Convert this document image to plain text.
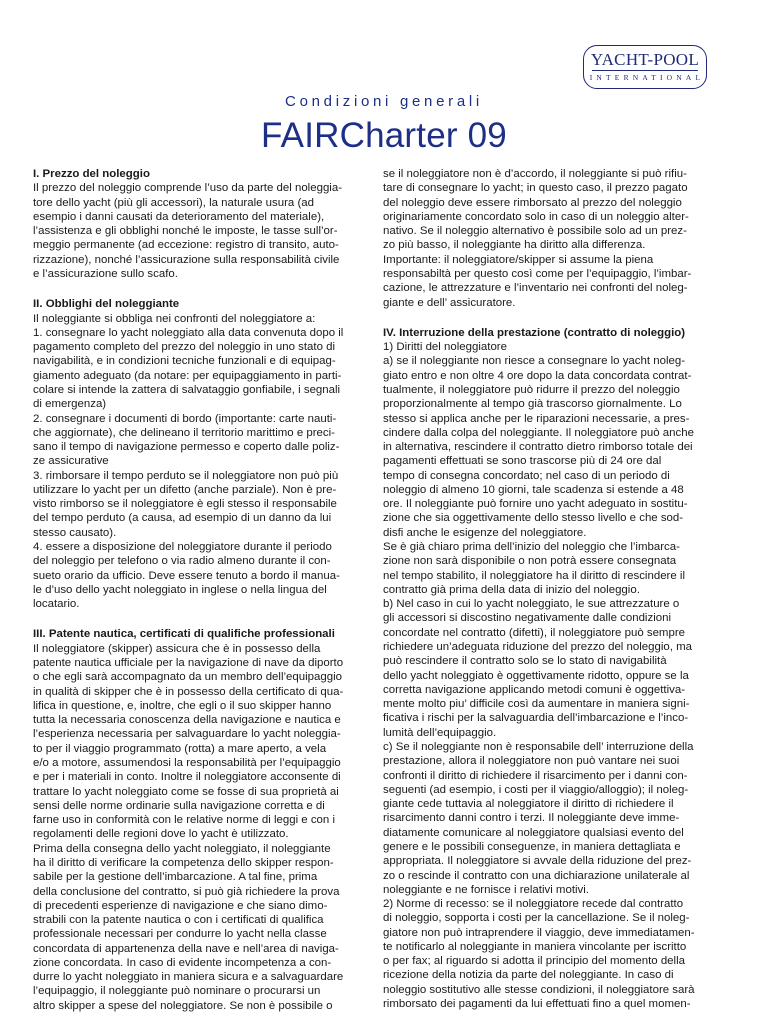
YACHT-POOL
INTERNATIONAL
Condizioni generali
FAIRCharter 09
I. Prezzo del noleggio
Il prezzo del noleggio comprende l’uso da parte del noleggia-
tore dello yacht (più gli accessori), la naturale usura (ad
esempio i danni causati da deterioramento del materiale),
l’assistenza e gli obblighi nonché le imposte, le tasse sull’or-
meggio permanente (ad eccezione: registro di transito, auto-
rizzazione), nonché l’assicurazione sulla responsabilità civile
e l’assicurazione sullo scafo.
II. Obblighi del noleggiante
Il noleggiante si obbliga nei confronti del noleggiatore a:
1. consegnare lo yacht noleggiato alla data convenuta dopo il
pagamento completo del prezzo del noleggio in uno stato di
navigabilità, e in condizioni tecniche funzionali e di equipag-
giamento adeguato (da notare: per equipaggiamento in parti-
colare si intende la zattera di salvataggio gonfiabile, i segnali
di emergenza)
2. consegnare i documenti di bordo (importante: carte nauti-
che aggiornate), che delineano il territorio marittimo e preci-
sano il tempo di navigazione permesso e coperto dalle poliz-
ze assicurative
3. rimborsare il tempo perduto se il noleggiatore non può più
utilizzare lo yacht per un difetto (anche parziale). Non è pre-
visto rimborso se il noleggiatore è egli stesso il responsabile
del tempo perduto (a causa, ad esempio di un danno da lui
stesso causato).
4. essere a disposizione del noleggiatore durante il periodo
del noleggio per telefono o via radio almeno durante il con-
sueto orario da ufficio. Deve essere tenuto a bordo il manua-
le d’uso dello yacht noleggiato in inglese o nella lingua del
locatario.
III. Patente nautica, certificati di qualifiche professionali
Il noleggiatore (skipper) assicura che è in possesso della
patente nautica ufficiale per la navigazione di nave da diporto
o che egli sarà accompagnato da un membro dell’equipaggio
in qualità di skipper che è in possesso della certificato di qua-
lifica in questione, e, inoltre, che egli o il suo skipper hanno
tutta la necessaria conoscenza della navigazione e nautica e
l’esperienza necessaria per salvaguardare lo yacht noleggia-
to per il viaggio programmato (rotta) a mare aperto, a vela
e/o a motore, assumendosi la responsabilità per l’equipaggio
e per i materiali in conto. Inoltre il noleggiatore acconsente di
trattare lo yacht noleggiato come se fosse di sua proprietà ai
sensi delle norme ordinarie sulla navigazione corretta e di
farne uso in conformità con le relative norme di leggi e con i
regolamenti delle regioni dove lo yacht è utilizzato.
Prima della consegna dello yacht noleggiato, il noleggiante
ha il diritto di verificare la competenza dello skipper respon-
sabile per la gestione dell’imbarcazione. A tal fine, prima
della conclusione del contratto, si può già richiedere la prova
di precedenti esperienze di navigazione e che siano dimo-
strabili con la patente nautica o con i certificati di qualifica
professionale necessari per condurre lo yacht nella classe
concordata di appartenenza della nave e nell’area di naviga-
zione concordata. In caso di evidente incompetenza a con-
durre lo yacht noleggiato in maniera sicura e a salvaguardare
l’equipaggio, il noleggiante può nominare o procurarsi un
altro skipper a spese del noleggiatore. Se non è possibile o
se il noleggiatore non è d’accordo, il noleggiante si può rifiu-
tare di consegnare lo yacht; in questo caso, il prezzo pagato
del noleggio deve essere rimborsato al prezzo del noleggio
originariamente concordato solo in caso di un noleggio alter-
nativo. Se il noleggio alternativo è possibile solo ad un prez-
zo più basso, il noleggiante ha diritto alla differenza.
Importante: il noleggiatore/skipper si assume la piena
responsabiltà per questo così come per l’equipaggio, l’imbar-
cazione, le attrezzature e l’inventario nei confronti del noleg-
giante e dell’ assicuratore.
IV. Interruzione della prestazione (contratto di noleggio)
1) Diritti del noleggiatore
a) se il noleggiante non riesce a consegnare lo yacht noleg-
giato entro e non oltre 4 ore dopo la data concordata contrat-
tualmente, il noleggiatore può ridurre il prezzo del noleggio
proporzionalmente al tempo già trascorso giornalmente. Lo
stesso si applica anche per le riparazioni necessarie, a pres-
cindere dalla colpa del noleggiante. Il noleggiatore può anche
in alternativa, rescindere il contratto dietro rimborso totale dei
pagamenti effettuati se sono trascorse più di 24 ore dal
tempo di consegna concordato; nel caso di un periodo di
noleggio di almeno 10 giorni, tale scadenza si estende a 48
ore. Il noleggiante può fornire uno yacht adeguato in sostitu-
zione che sia oggettivamente dello stesso livello e che sod-
disfi anche le esigenze del noleggiatore.
Se è già chiaro prima dell’inizio del noleggio che l’imbarca-
zione non sarà disponibile o non potrà essere consegnata
nel tempo stabilito, il noleggiatore ha il diritto di rescindere il
contratto già prima della data di inizio del noleggio.
b) Nel caso in cui lo yacht noleggiato, le sue attrezzature o
gli accessori si discostino negativamente dalle condizioni
concordate nel contratto (difetti), il noleggiatore può sempre
richiedere un’adeguata riduzione del prezzo del noleggio, ma
può rescindere il contratto solo se lo stato di navigabilità
dello yacht noleggiato è oggettivamente ridotto, oppure se la
corretta navigazione applicando metodi comuni è oggettiva-
mente molto piu’ difficile così da aumentare in maniera signi-
ficativa i rischi per la salvaguardia dell’imbarcazione e l’inco-
lumità dell’equipaggio.
c) Se il noleggiante non è responsabile dell’ interruzione della
prestazione, allora il noleggiatore non può vantare nei suoi
confronti il diritto di richiedere il risarcimento per i danni con-
seguenti (ad esempio, i costi per il viaggio/alloggio); il noleg-
giante cede tuttavia al noleggiatore il diritto di richiedere il
risarcimento danni contro i terzi. Il noleggiante deve imme-
diatamente comunicare al noleggiatore qualsiasi evento del
genere e le possibili conseguenze, in maniera dettagliata e
appropriata. Il noleggiatore si avvale della riduzione del prez-
zo o rescinde il contratto con una dichiarazione unilaterale al
noleggiante e ne fornisce i relativi motivi.
2) Norme di recesso: se il noleggiatore recede dal contratto
di noleggio, sopporta i costi per la cancellazione. Se il noleg-
giatore non può intraprendere il viaggio, deve immediatamen-
te notificarlo al noleggiante in maniera vincolante per iscritto
o per fax; al riguardo si adotta il principio del momento della
ricezione della notizia da parte del noleggiante. In caso di
noleggio sostitutivo alle stesse condizioni, il noleggiatore sarà
rimborsato dei pagamenti da lui effettuati fino a quel momen-
